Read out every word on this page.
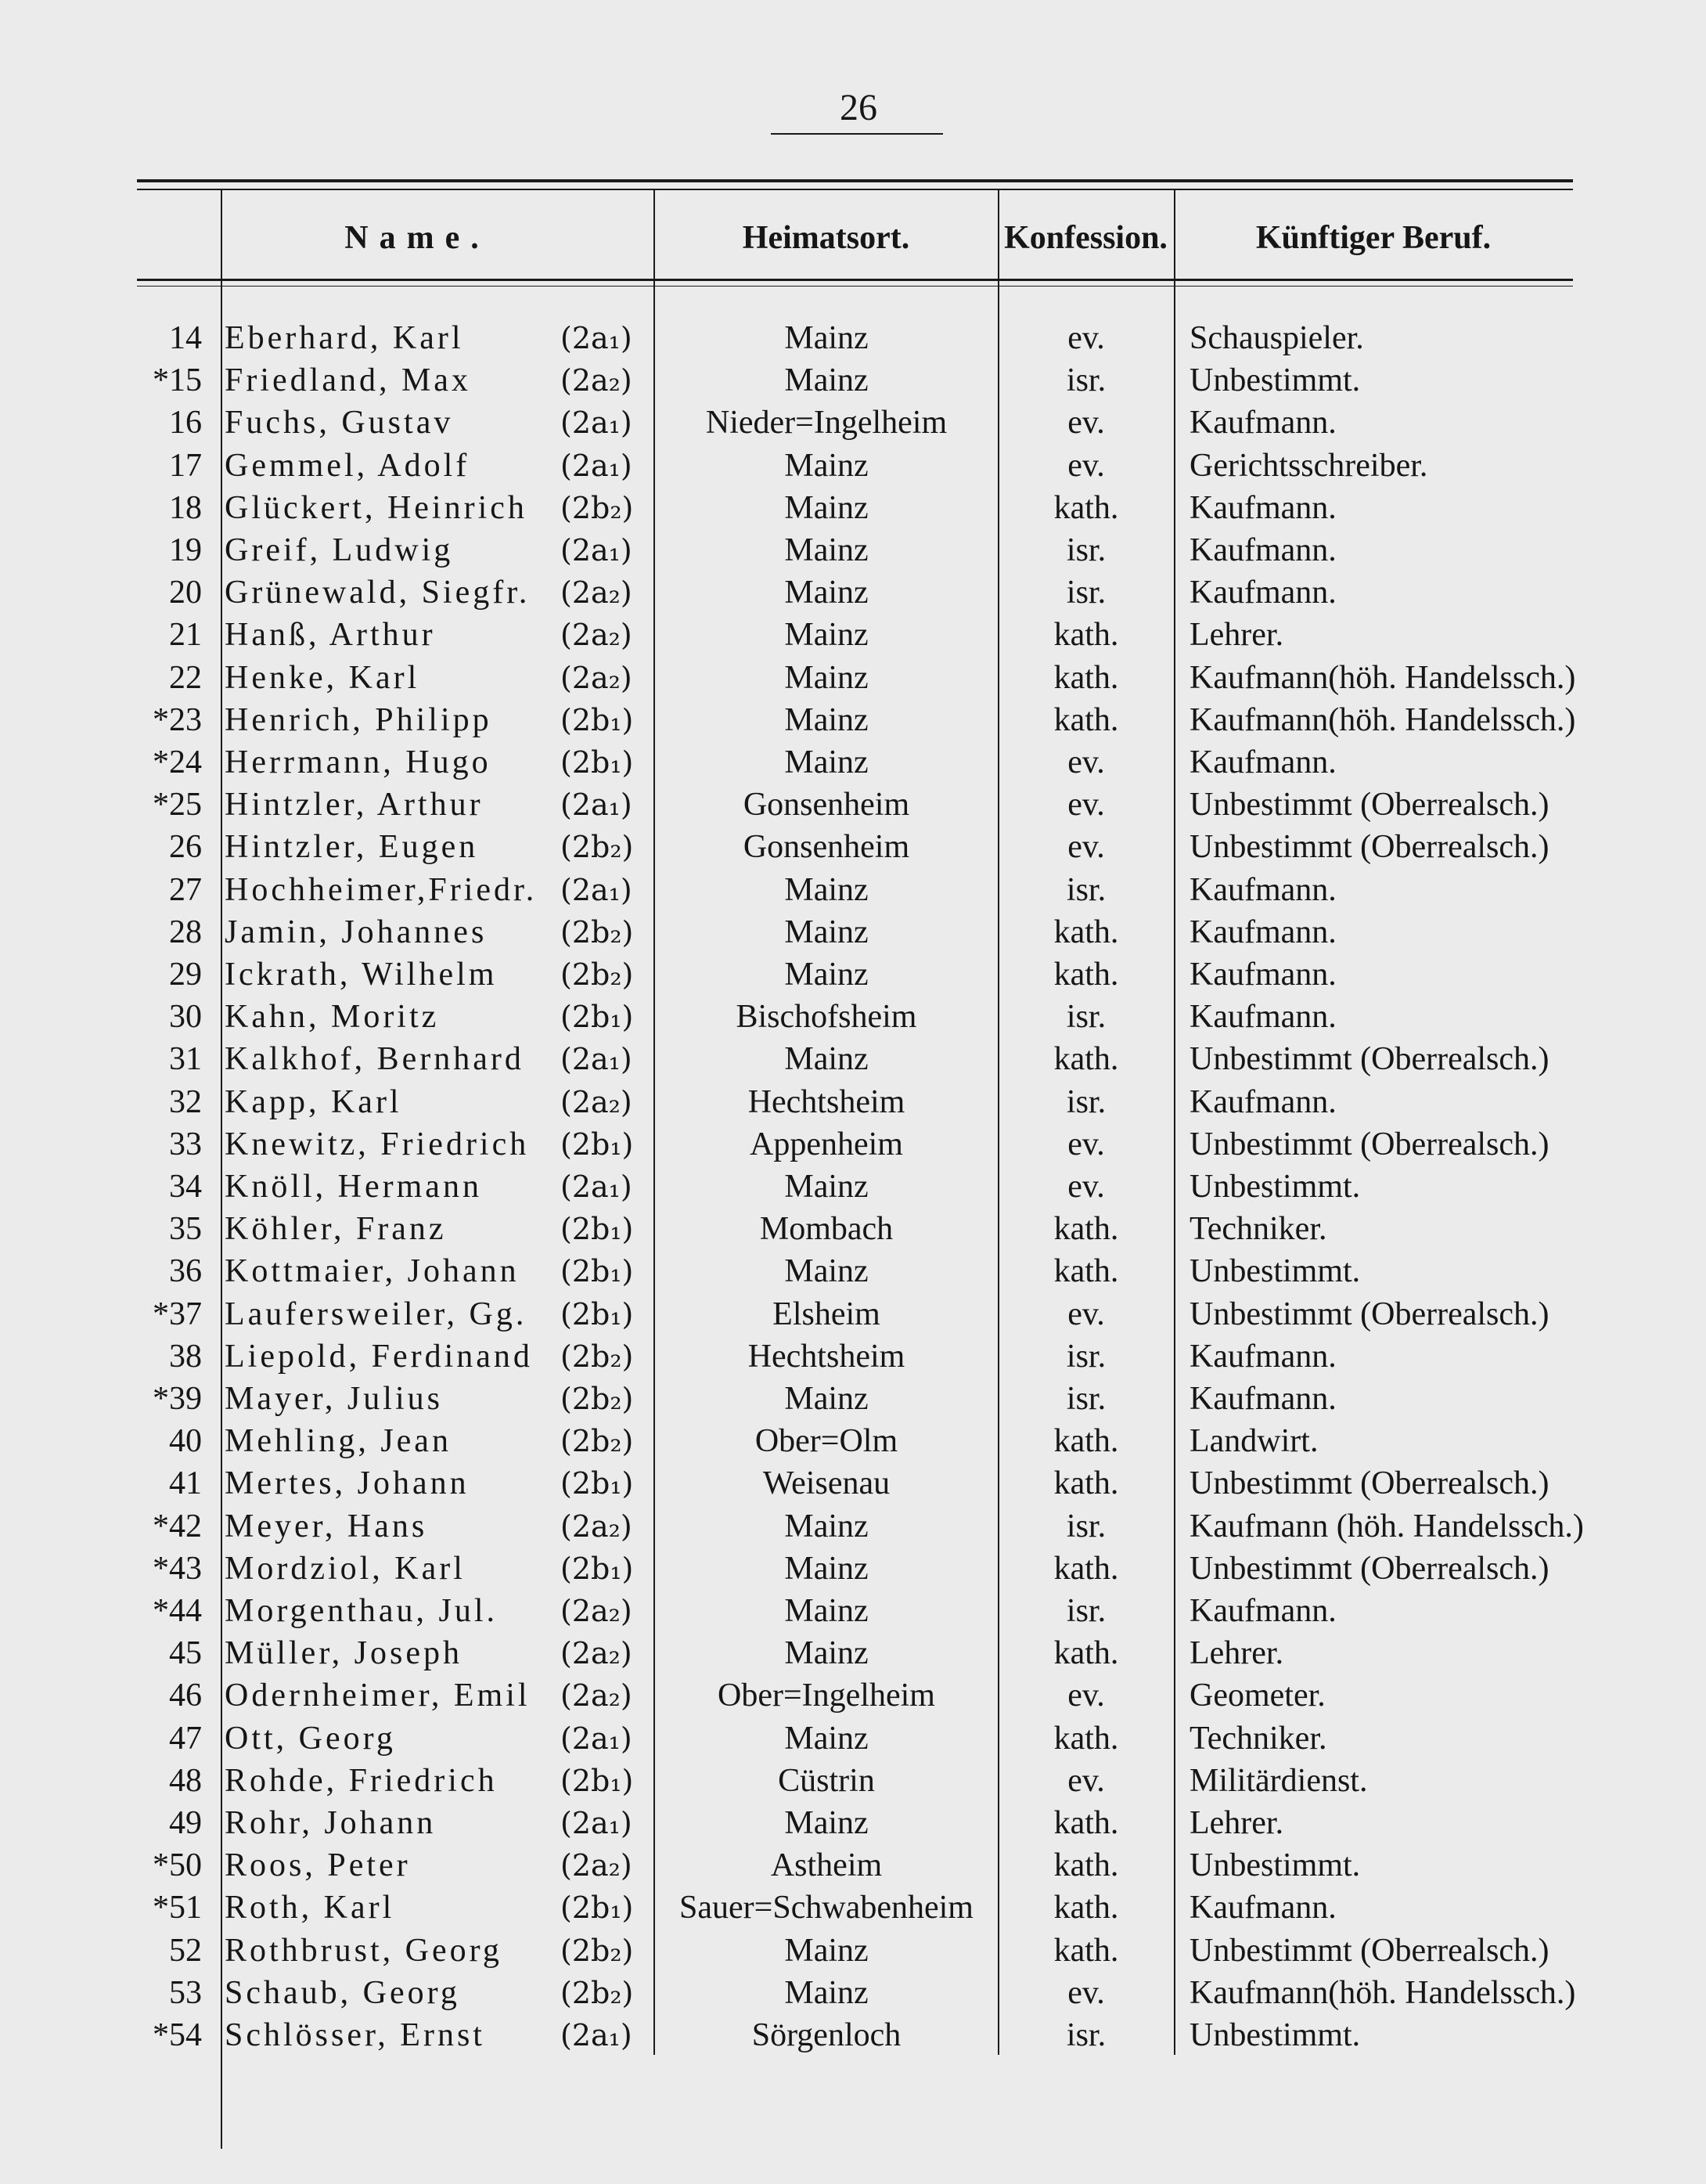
26
Name.	Heimatsort.	Konfession.	Künftiger Beruf.
14 Eberhard, Karl	(2a₁)	Mainz	ev.	Schauspieler.
*15 Friedland, Max	(2a₂)	Mainz	isr.	Unbestimmt.
16 Fuchs, Gustav	(2a₁)	Nieder=Ingelheim	ev.	Kaufmann.
17 Gemmel, Adolf	(2a₁)	Mainz	ev.	Gerichtsschreiber.
18 Glückert, Heinrich	(2b₂)	Mainz	kath.	Kaufmann.
19 Greif, Ludwig	(2a₁)	Mainz	isr.	Kaufmann.
20 Grünewald, Siegfr.	(2a₂)	Mainz	isr.	Kaufmann.
21 Hanß, Arthur	(2a₂)	Mainz	kath.	Lehrer.
22 Henke, Karl	(2a₂)	Mainz	kath.	Kaufmann(höh. Handelssch.)
*23 Henrich, Philipp	(2b₁)	Mainz	kath.	Kaufmann(höh. Handelssch.)
*24 Herrmann, Hugo	(2b₁)	Mainz	ev.	Kaufmann.
*25 Hintzler, Arthur	(2a₁)	Gonsenheim	ev.	Unbestimmt (Oberrealsch.)
26 Hintzler, Eugen	(2b₂)	Gonsenheim	ev.	Unbestimmt (Oberrealsch.)
27 Hochheimer,Friedr. (2a₁)	Mainz	isr.	Kaufmann.
28 Jamin, Johannes	(2b₂)	Mainz	kath.	Kaufmann.
29 Ickrath, Wilhelm	(2b₂)	Mainz	kath.	Kaufmann.
30 Kahn, Moritz	(2b₁)	Bischofsheim	isr.	Kaufmann.
31 Kalkhof, Bernhard	(2a₁)	Mainz	kath.	Unbestimmt (Oberrealsch.)
32 Kapp, Karl	(2a₂)	Hechtsheim	isr.	Kaufmann.
33 Knewitz, Friedrich	(2b₁)	Appenheim	ev.	Unbestimmt (Oberrealsch.)
34 Knöll, Hermann	(2a₁)	Mainz	ev.	Unbestimmt.
35 Köhler, Franz	(2b₁)	Mombach	kath.	Techniker.
36 Kottmaier, Johann	(2b₁)	Mainz	kath.	Unbestimmt.
*37 Laufersweiler, Gg.	(2b₁)	Elsheim	ev.	Unbestimmt (Oberrealsch.)
38 Liepold, Ferdinand (2b₂)	Hechtsheim	isr.	Kaufmann.
*39 Mayer, Julius	(2b₂)	Mainz	isr.	Kaufmann.
40 Mehling, Jean	(2b₂)	Ober=Olm	kath.	Landwirt.
41 Mertes, Johann	(2b₁)	Weisenau	kath.	Unbestimmt (Oberrealsch.)
*42 Meyer, Hans	(2a₂)	Mainz	isr.	Kaufmann (höh. Handelssch.)
*43 Mordziol, Karl	(2b₁)	Mainz	kath.	Unbestimmt (Oberrealsch.)
*44 Morgenthau, Jul.	(2a₂)	Mainz	isr.	Kaufmann.
45 Müller, Joseph	(2a₂)	Mainz	kath.	Lehrer.
46 Odernheimer, Emil	(2a₂)	Ober=Ingelheim	ev.	Geometer.
47 Ott, Georg	(2a₁)	Mainz	kath.	Techniker.
48 Rohde, Friedrich	(2b₁)	Cüstrin	ev.	Militärdienst.
49 Rohr, Johann	(2a₁)	Mainz	kath.	Lehrer.
*50 Roos, Peter	(2a₂)	Astheim	kath.	Unbestimmt.
*51 Roth, Karl	(2b₁)	Sauer=Schwabenheim	kath.	Kaufmann.
52 Rothbrust, Georg	(2b₂)	Mainz	kath.	Unbestimmt (Oberrealsch.)
53 Schaub, Georg	(2b₂)	Mainz	ev.	Kaufmann(höh. Handelssch.)
*54 Schlösser, Ernst	(2a₁)	Sörgenloch	isr.	Unbestimmt.
